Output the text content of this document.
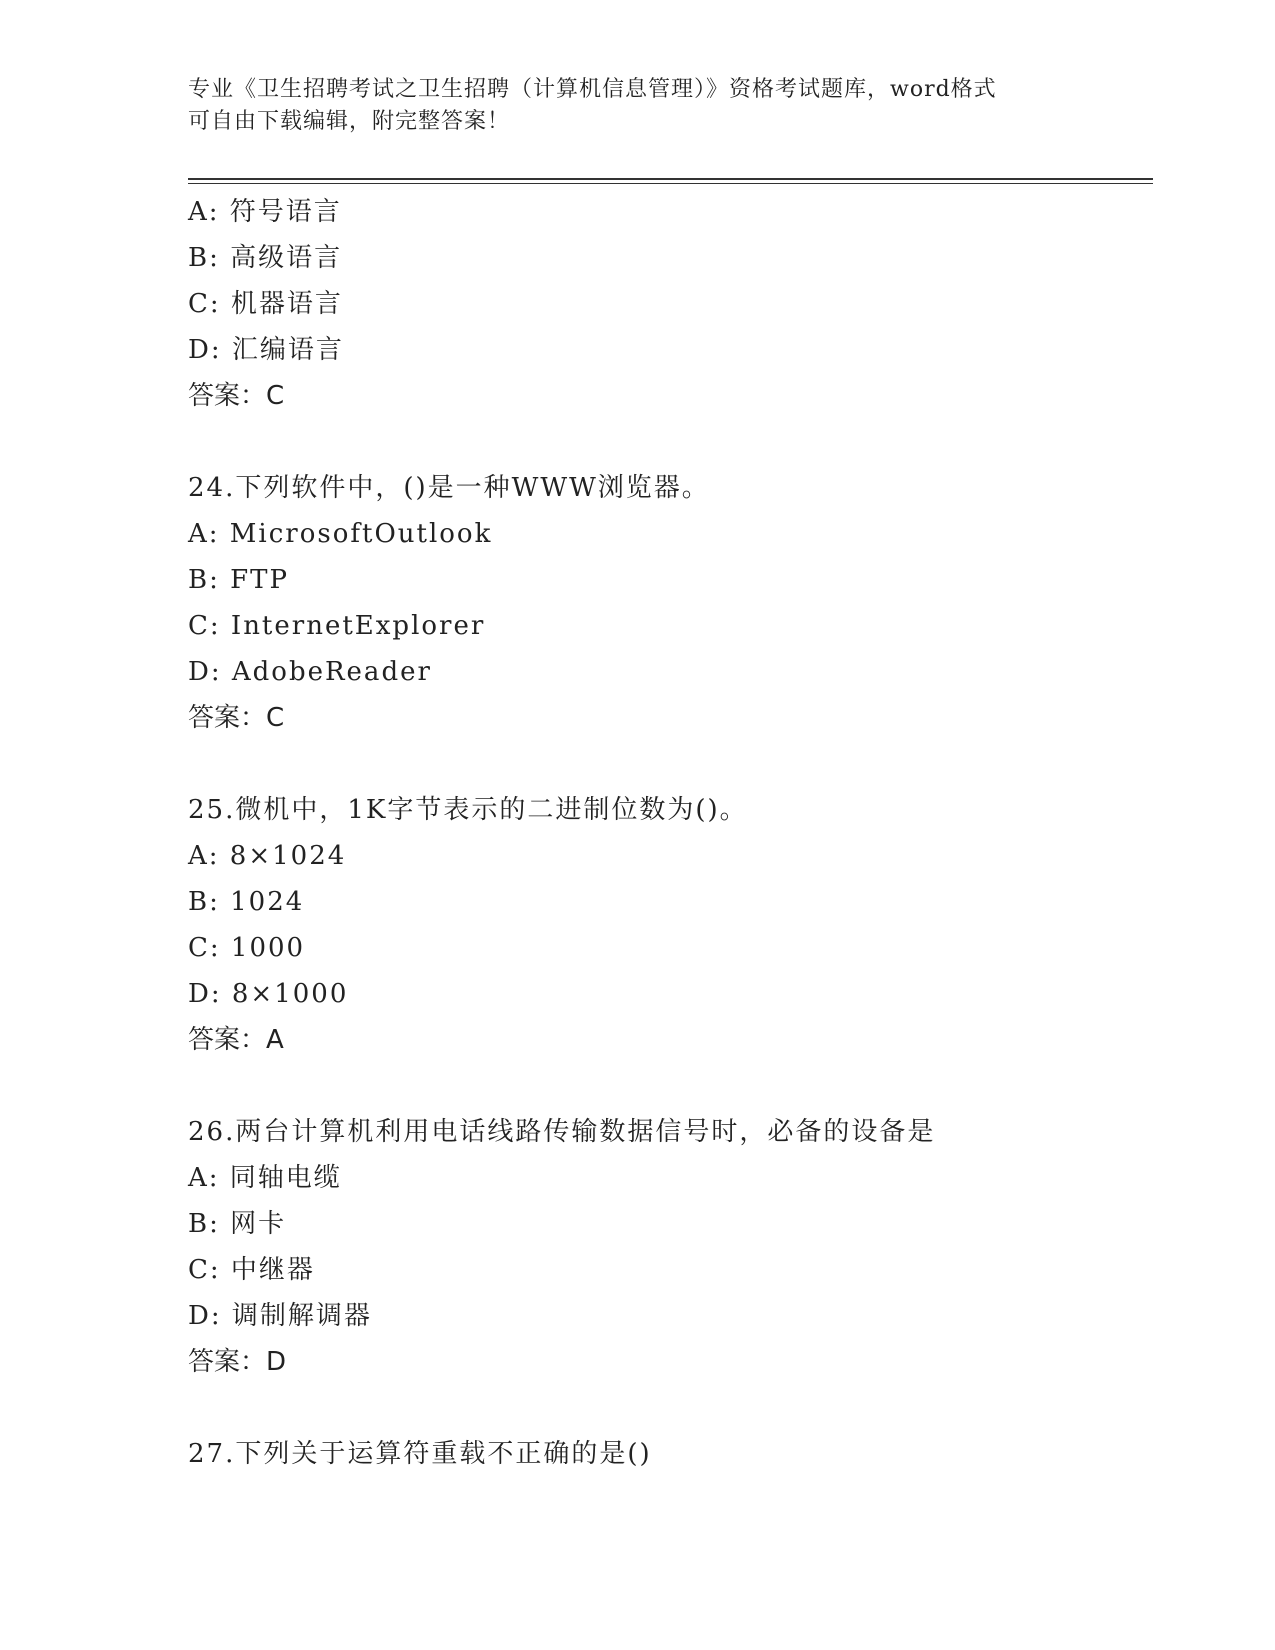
专业《卫生招聘考试之卫生招聘（计算机信息管理）》资格考试题库，word格式
可自由下载编辑，附完整答案！
A: 符号语言
B: 高级语言
C: 机器语言
D: 汇编语言
答案：C
24.下列软件中，()是一种WWW浏览器。
A: MicrosoftOutlook
B: FTP
C: InternetExplorer
D: AdobeReader
答案：C
25.微机中，1K字节表示的二进制位数为()。
A: 8×1024
B: 1024
C: 1000
D: 8×1000
答案：A
26.两台计算机利用电话线路传输数据信号时，必备的设备是
A: 同轴电缆
B: 网卡
C: 中继器
D: 调制解调器
答案：D
27.下列关于运算符重载不正确的是()
